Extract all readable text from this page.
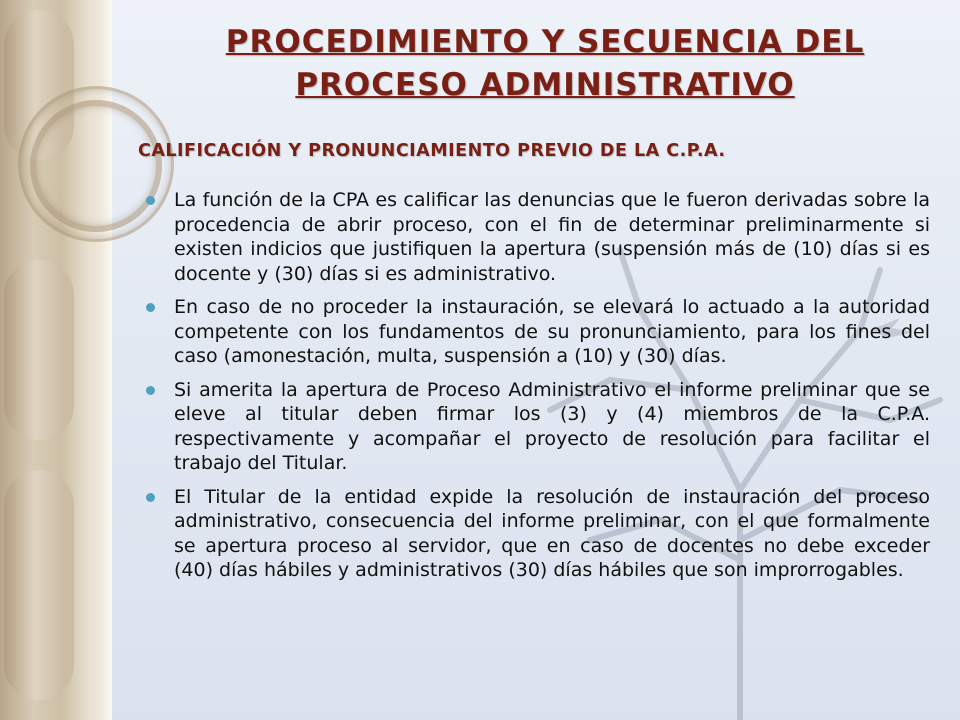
PROCEDIMIENTO Y SECUENCIA DEL
PROCESO ADMINISTRATIVO
CALIFICACIÓN Y PRONUNCIAMIENTO PREVIO DE LA C.P.A.
La función de la CPA es calificar las denuncias que le fueron derivadas sobre la procedencia de abrir proceso, con el fin de determinar preliminarmente si existen indicios que justifiquen la apertura (suspensión más de (10) días si es docente y (30) días si es administrativo.
En caso de no proceder la instauración, se elevará lo actuado a la autoridad competente con los fundamentos de su pronunciamiento, para los fines del caso (amonestación, multa, suspensión a (10) y (30) días.
Si amerita la apertura de Proceso Administrativo el informe preliminar que se eleve al titular deben firmar los (3) y (4) miembros de la C.P.A. respectivamente y acompañar el proyecto de resolución para facilitar el trabajo del Titular.
El Titular de la entidad expide la resolución de instauración del proceso administrativo, consecuencia del informe preliminar, con el que formalmente se apertura proceso al servidor, que en caso de docentes no debe exceder (40) días hábiles y administrativos (30) días hábiles que son improrrogables.
